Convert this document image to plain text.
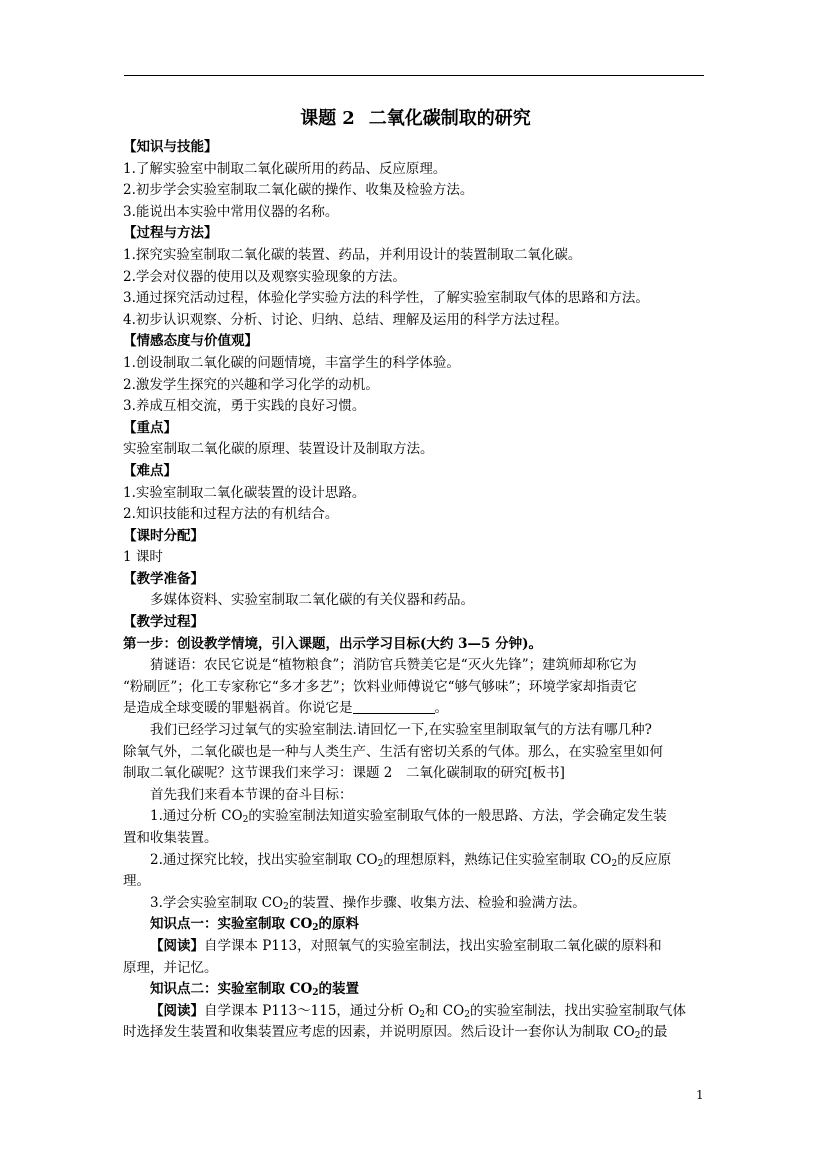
课题 2 二氧化碳制取的研究
【知识与技能】
1.了解实验室中制取二氧化碳所用的药品、反应原理。
2.初步学会实验室制取二氧化碳的操作、收集及检验方法。
3.能说出本实验中常用仪器的名称。
【过程与方法】
1.探究实验室制取二氧化碳的装置、药品，并利用设计的装置制取二氧化碳。
2.学会对仪器的使用以及观察实验现象的方法。
3.通过探究活动过程，体验化学实验方法的科学性，了解实验室制取气体的思路和方法。
4.初步认识观察、分析、讨论、归纳、总结、理解及运用的科学方法过程。
【情感态度与价值观】
1.创设制取二氧化碳的问题情境，丰富学生的科学体验。
2.激发学生探究的兴趣和学习化学的动机。
3.养成互相交流，勇于实践的良好习惯。
【重点】
实验室制取二氧化碳的原理、装置设计及制取方法。
【难点】
1.实验室制取二氧化碳装置的设计思路。
2.知识技能和过程方法的有机结合。
【课时分配】
1 课时
【教学准备】
多媒体资料、实验室制取二氧化碳的有关仪器和药品。
【教学过程】
第一步：创设教学情境，引入课题，出示学习目标(大约 3—5 分钟)。
猜谜语：农民它说是“植物粮食”；消防官兵赞美它是“灭火先锋”；建筑师却称它为
“粉刷匠”；化工专家称它“多才多艺”；饮料业师傅说它“够气够味”；环境学家却指责它
是造成全球变暖的罪魁祸首。你说它是	。
我们已经学习过氧气的实验室制法.请回忆一下,在实验室里制取氧气的方法有哪几种?
除氧气外，二氧化碳也是一种与人类生产、生活有密切关系的气体。那么，在实验室里如何
制取二氧化碳呢？这节课我们来学习：课题 2　二氧化碳制取的研究[板书]
首先我们来看本节课的奋斗目标：
1.通过分析 $CO_2$的实验室制法知道实验室制取气体的一般思路、方法，学会确定发生装
置和收集装置。
2.通过探究比较，找出实验室制取 $CO_2$的理想原料，熟练记住实验室制取 $CO_2$的反应原
理。
3.学会实验室制取 $CO_2$的装置、操作步骤、收集方法、检验和验满方法。
知识点一：实验室制取 $CO_2$的原料
【阅读】自学课本 P113，对照氧气的实验室制法，找出实验室制取二氧化碳的原料和
原理，并记忆。
知识点二：实验室制取 $CO_2$的装置
【阅读】自学课本 P113～115，通过分析 $O_2$和 $CO_2$的实验室制法，找出实验室制取气体
时选择发生装置和收集装置应考虑的因素，并说明原因。然后设计一套你认为制取 $CO_2$的最
1
